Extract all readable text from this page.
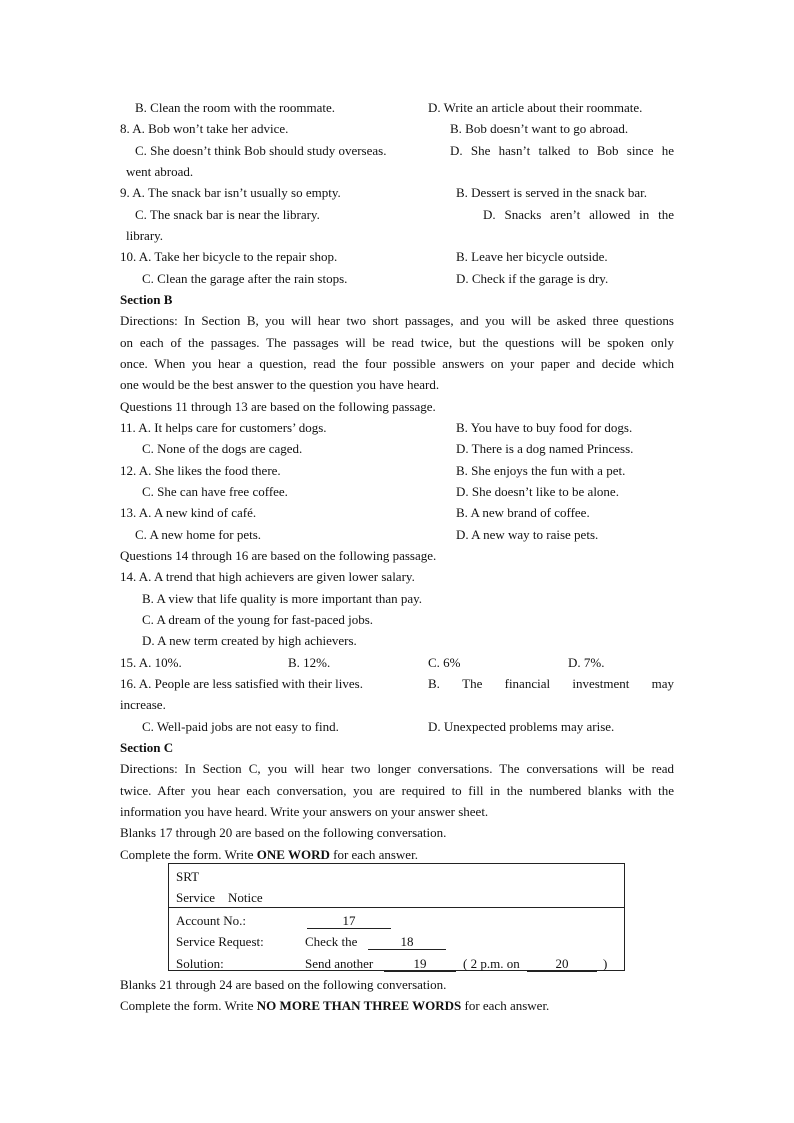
B. Clean the room with the roommate.	D. Write an article about their roommate.
8. A. Bob won’t take her advice.	B. Bob doesn’t want to go abroad.
C. She doesn’t think Bob should study overseas.	D. She hasn’t talked to Bob since he
went abroad.
9. A. The snack bar isn’t usually so empty.	B. Dessert is served in the snack bar.
C. The snack bar is near the library.	D. Snacks aren’t allowed in the
library.
10. A. Take her bicycle to the repair shop.	B. Leave her bicycle outside.
C. Clean the garage after the rain stops.	D. Check if the garage is dry.
Section B
Directions: In Section B, you will hear two short passages, and you will be asked three questions
on each of the passages. The passages will be read twice, but the questions will be spoken only
once. When you hear a question, read the four possible answers on your paper and decide which
one would be the best answer to the question you have heard.
Questions 11 through 13 are based on the following passage.
11. A. It helps care for customers’ dogs.	B. You have to buy food for dogs.
C. None of the dogs are caged.	D. There is a dog named Princess.
12. A. She likes the food there.	B. She enjoys the fun with a pet.
C. She can have free coffee.	D. She doesn’t like to be alone.
13. A. A new kind of café.	B. A new brand of coffee.
C. A new home for pets.	D. A new way to raise pets.
Questions 14 through 16 are based on the following passage.
14. A. A trend that high achievers are given lower salary.
B. A view that life quality is more important than pay.
C. A dream of the young for fast-paced jobs.
D. A new term created by high achievers.
15. A. 10%.	B. 12%.	C. 6%	D. 7%.
16. A. People are less satisfied with their lives.	B. The financial investment may
increase.
C. Well-paid jobs are not easy to find.	D. Unexpected problems may arise.
Section C
Directions: In Section C, you will hear two longer conversations. The conversations will be read
twice. After you hear each conversation, you are required to fill in the numbered blanks with the
information you have heard. Write your answers on your answer sheet.
Blanks 17 through 20 are based on the following conversation.
Complete the form. Write ONE WORD for each answer.
SRT
Service    Notice
Account No.:	17
Service Request:	Check the	18
Solution:	Send another	19	( 2 p.m. on	20	)
Blanks 21 through 24 are based on the following conversation.
Complete the form. Write NO MORE THAN THREE WORDS for each answer.
